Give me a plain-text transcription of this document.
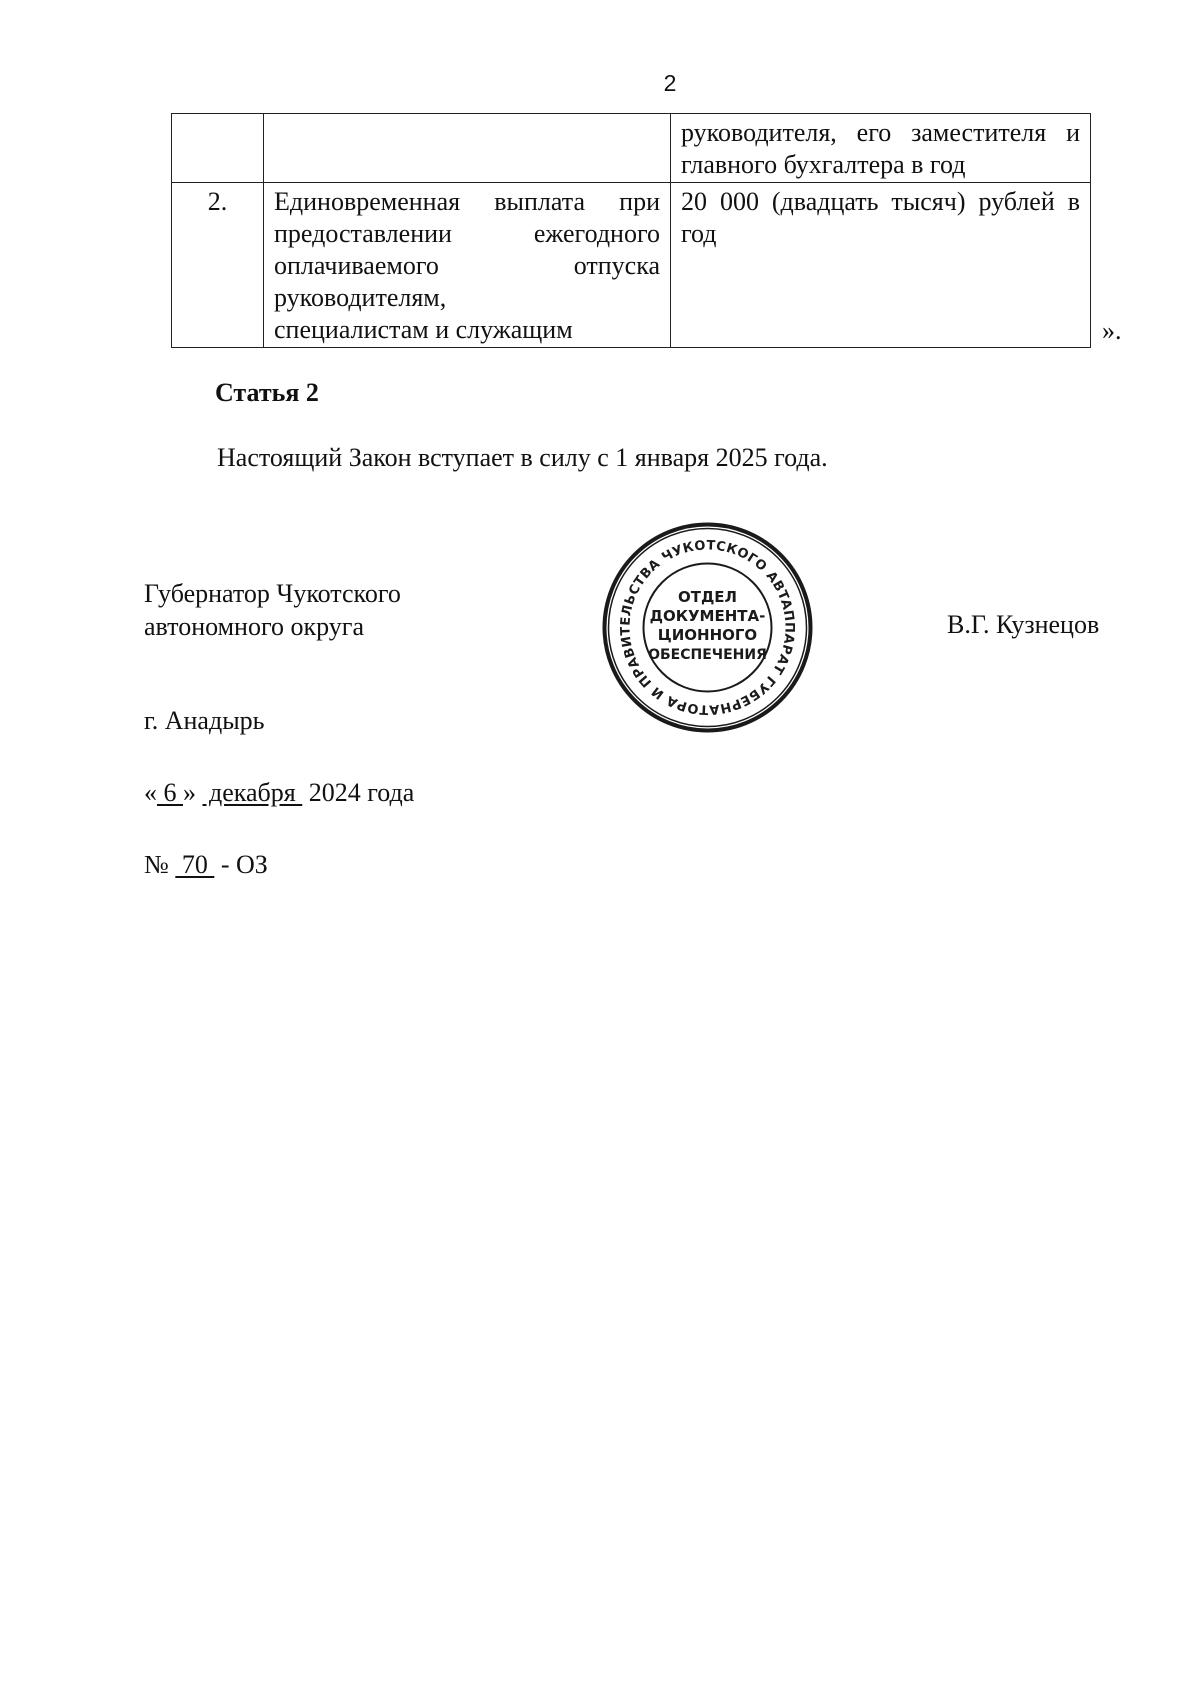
2

		руководителя, его заместителя и
главного бухгалтера в год

2.	Единовременная выплата при
предоставлении ежегодного
оплачиваемого отпуска
руководителям,
специалистам и служащим	20 000 (двадцать тысяч) рублей в
год
».
Статья 2
Настоящий Закон вступает в силу с 1 января 2025 года.
Губернатор Чукотского
автономного округа
АППАРАТ ГУБЕРНАТОРА И ПРАВИТЕЛЬСТВА ЧУКОТСКОГО АВТОНОМНОГО
ОТДЕЛ
ДОКУМЕНТА-
ЦИОННОГО
ОБЕСПЕЧЕНИЯ
В.Г. Кузнецов
г. Анадырь
« 6 »  декабря  2024 года
№  70  - ОЗ
